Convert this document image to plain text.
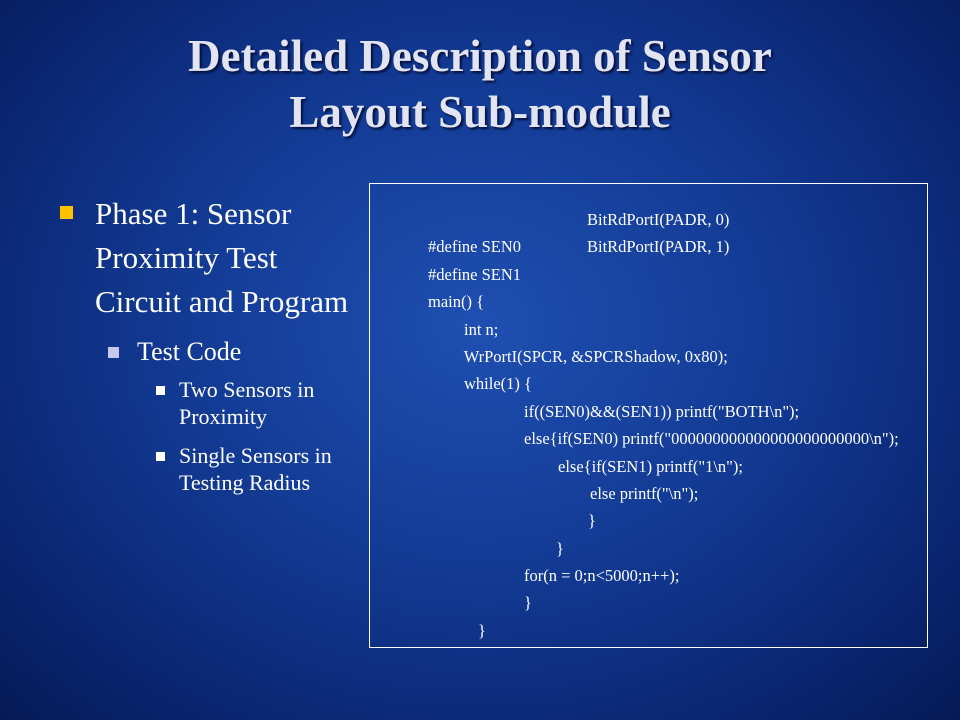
Detailed Description of Sensor
Layout Sub-module
Phase 1: Sensor Proximity Test Circuit and Program
Test Code
Two Sensors in Proximity
Single Sensors in Testing Radius

#define SEN0

BitRdPortI(PADR, 0)

#define SEN1

BitRdPortI(PADR, 1)

main() {

int n;

WrPortI(SPCR, &SPCRShadow, 0x80);

while(1) {

if((SEN0)&&(SEN1)) printf("BOTH\n");

else{if(SEN0) printf("000000000000000000000000\n");

else{if(SEN1) printf("1\n");

else printf("\n");

}

}

for(n = 0;n<5000;n++);

}

}
